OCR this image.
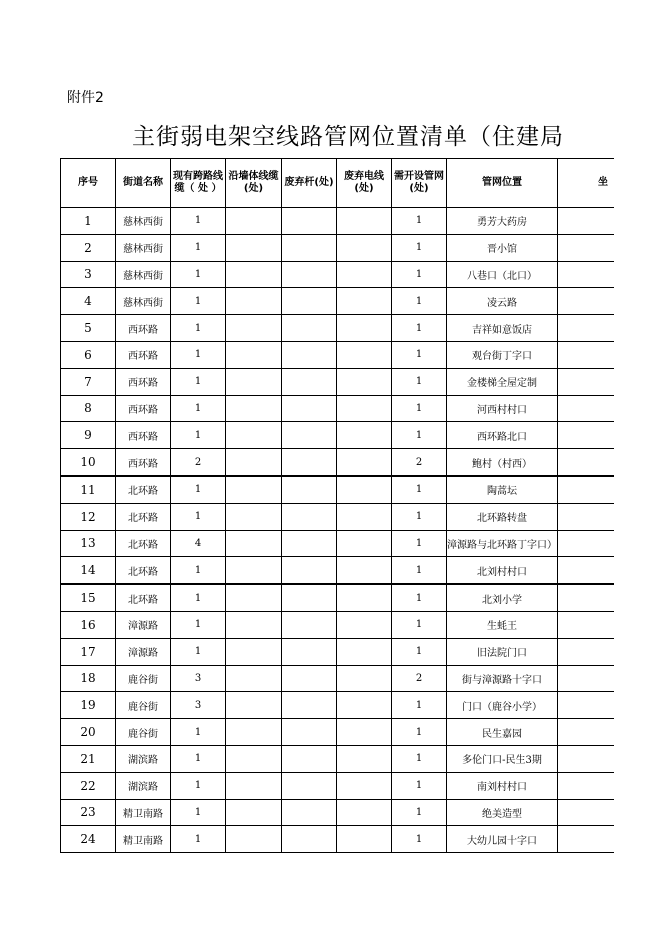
附件2
主街弱电架空线路管网位置清单（住建局
序号	街道名称	现有跨路线缆（ 处 ）	沿墙体线缆(处)	废弃杆(处)	废弃电线(处)	需开设管网(处)	管网位置	坐
1	慈林西街	1				1	勇芳大药房	
2	慈林西街	1				1	晋小馆	
3	慈林西街	1				1	八巷口（北口）	
4	慈林西街	1				1	凌云路	
5	西环路	1				1	吉祥如意饭店	
6	西环路	1				1	观台街丁字口	
7	西环路	1				1	金楼梯全屋定制	
8	西环路	1				1	河西村村口	
9	西环路	1				1	西环路北口	
10	西环路	2				2	鲍村（村西）	
11	北环路	1				1	陶蒿坛	
12	北环路	1				1	北环路转盘	
13	北环路	4				1	漳源路与北环路丁字口）	
14	北环路	1				1	北刘村村口	
15	北环路	1				1	北刘小学	
16	漳源路	1				1	生蚝王	
17	漳源路	1				1	旧法院门口	
18	鹿谷街	3				2	街与漳源路十字口	
19	鹿谷街	3				1	门口（鹿谷小学）	
20	鹿谷街	1				1	民生嘉园	
21	湖滨路	1				1	多伦门口-民生3期	
22	湖滨路	1				1	南刘村村口	
23	精卫南路	1				1	绝美造型	
24	精卫南路	1				1	大幼儿园十字口	
